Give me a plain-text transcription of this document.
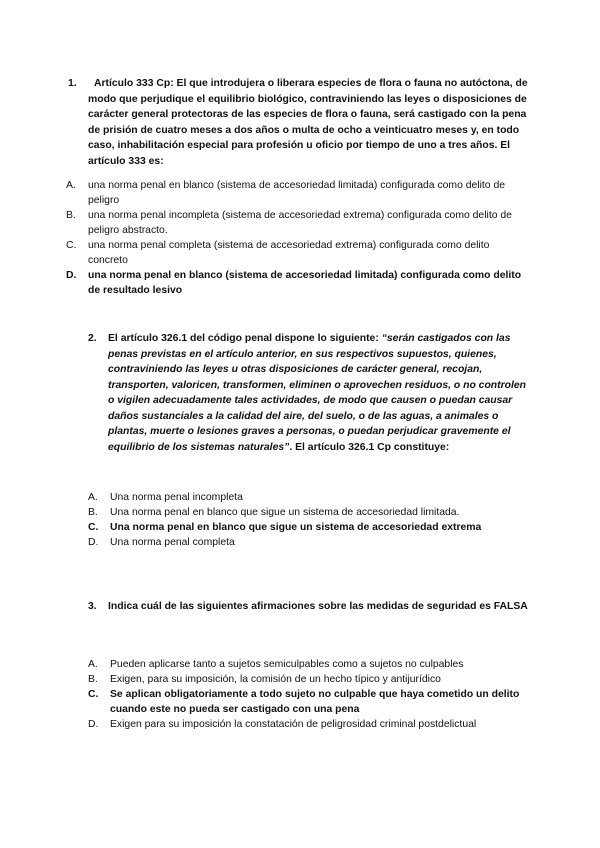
1.	Artículo 333 Cp: El que introdujera o liberara especies de flora o fauna no autóctona, de modo que perjudique el equilibrio biológico, contraviniendo las leyes o disposiciones de carácter general protectoras de las especies de flora o fauna, será castigado con la pena de prisión de cuatro meses a dos años o multa de ocho a veinticuatro meses y, en todo caso, inhabilitación especial para profesión u oficio por tiempo de uno a tres años. El artículo 333 es:
A. una norma penal en blanco (sistema de accesoriedad limitada) configurada como delito de peligro
B. una norma penal incompleta (sistema de accesoriedad extrema) configurada como delito de peligro abstracto.
C. una norma penal completa (sistema de accesoriedad extrema) configurada como delito concreto
D. una norma penal en blanco (sistema de accesoriedad limitada) configurada como delito de resultado lesivo
2. El artículo 326.1 del código penal dispone lo siguiente: “serán castigados con las penas previstas en el artículo anterior, en sus respectivos supuestos, quienes, contraviniendo las leyes u otras disposiciones de carácter general, recojan, transporten, valoricen, transformen, eliminen o aprovechen residuos, o no controlen o vigilen adecuadamente tales actividades, de modo que causen o puedan causar daños sustanciales a la calidad del aire, del suelo, o de las aguas, a animales o plantas, muerte o lesiones graves a personas, o puedan perjudicar gravemente el equilibrio de los sistemas naturales”. El artículo 326.1 Cp constituye:
A. Una norma penal incompleta
B. Una norma penal en blanco que sigue un sistema de accesoriedad limitada.
C. Una norma penal en blanco que sigue un sistema de accesoriedad extrema
D. Una norma penal completa
3. Indica cuál de las siguientes afirmaciones sobre las medidas de seguridad es FALSA
A. Pueden aplicarse tanto a sujetos semiculpables como a sujetos no culpables
B. Exigen, para su imposición, la comisión de un hecho típico y antijurídico
C. Se aplican obligatoriamente a todo sujeto no culpable que haya cometido un delito cuando este no pueda ser castigado con una pena
D. Exigen para su imposición la constatación de peligrosidad criminal postdelictual
